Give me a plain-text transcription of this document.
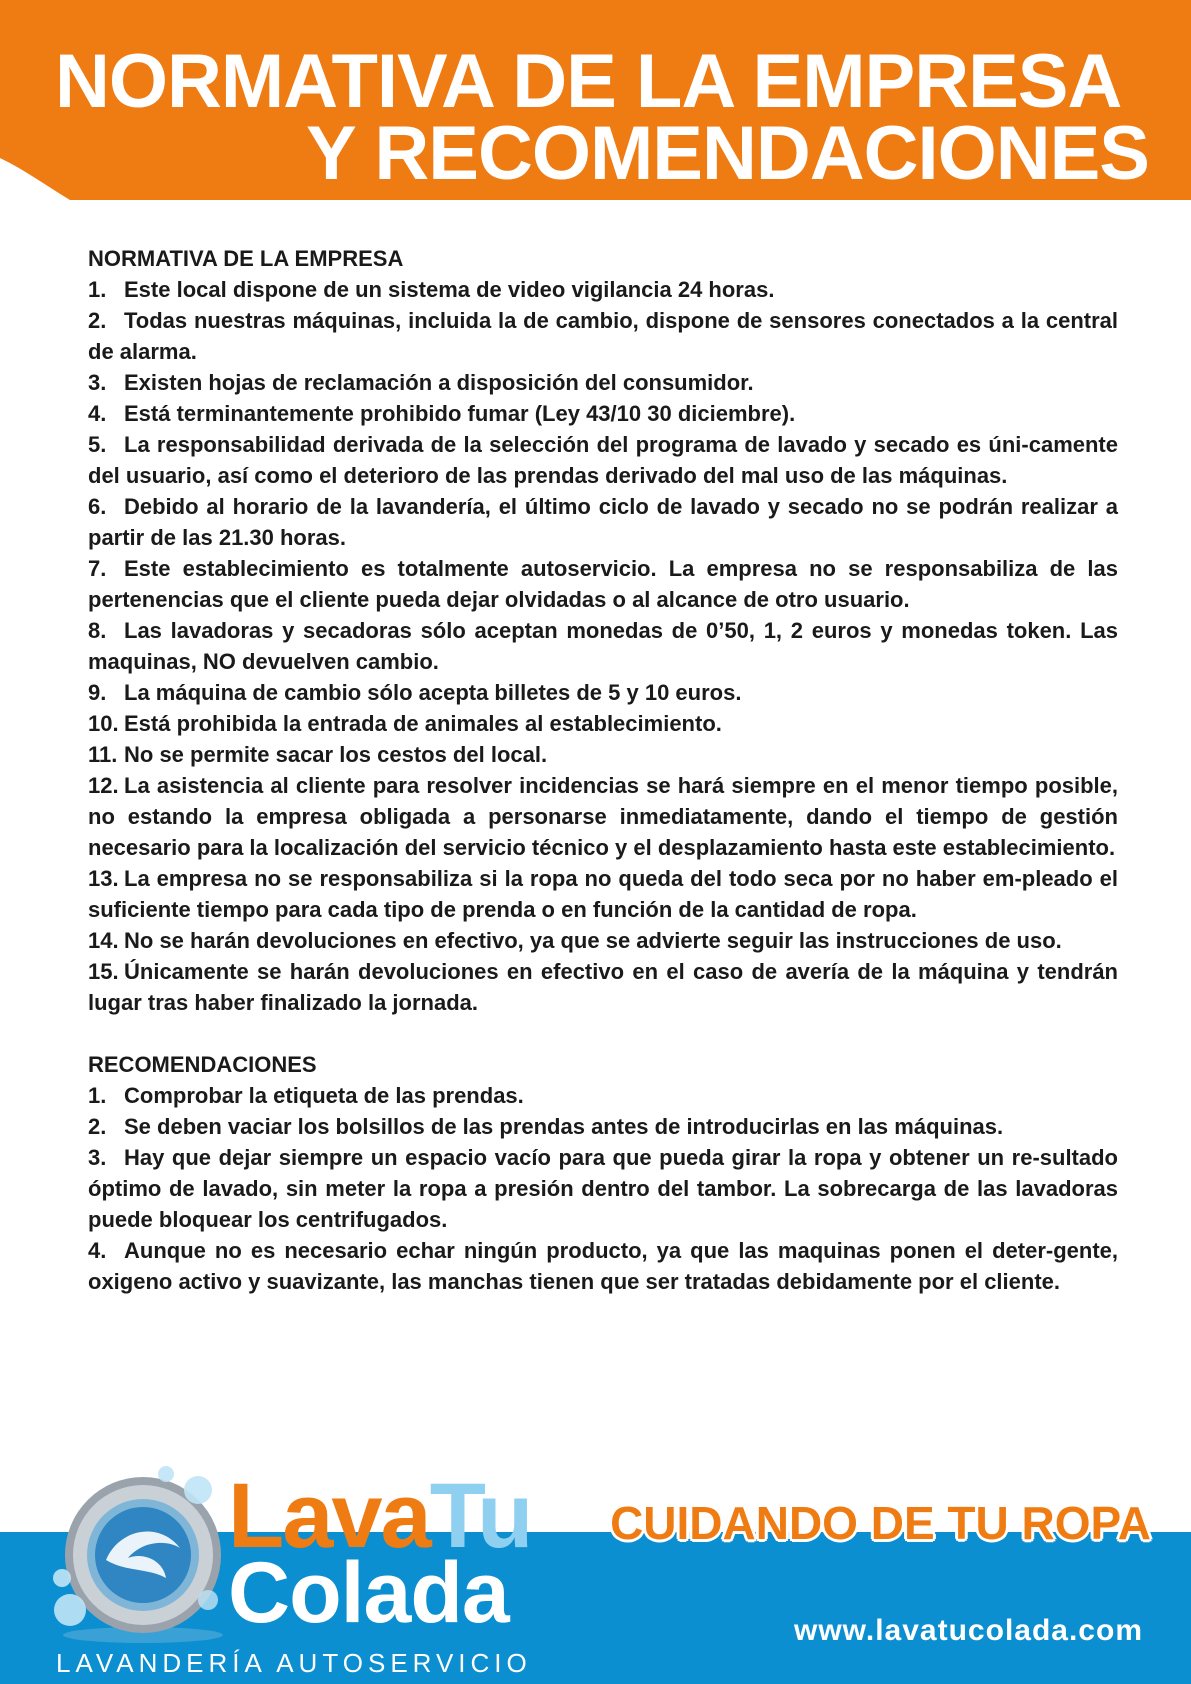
NORMATIVA DE LA EMPRESA
Y RECOMENDACIONES
NORMATIVA DE LA EMPRESA
1. Este local dispone de un sistema de video vigilancia 24 horas.
2. Todas nuestras máquinas, incluida la de cambio, dispone de sensores conectados a la central de alarma.
3. Existen hojas de reclamación a disposición del consumidor.
4. Está terminantemente prohibido fumar (Ley 43/10 30 diciembre).
5. La responsabilidad derivada de la selección del programa de lavado y secado es úni-camente del usuario, así como el deterioro de las prendas derivado del mal uso de las máquinas.
6. Debido al horario de la lavandería, el último ciclo de lavado y secado no se podrán realizar a partir de las 21.30 horas.
7. Este establecimiento es totalmente autoservicio. La empresa no se responsabiliza de las pertenencias que el cliente pueda dejar olvidadas o al alcance de otro usuario.
8. Las lavadoras y secadoras sólo aceptan monedas de 0’50, 1, 2 euros y monedas token. Las maquinas, NO devuelven cambio.
9. La máquina de cambio sólo acepta billetes de 5 y 10 euros.
10. Está prohibida la entrada de animales al establecimiento.
11. No se permite sacar los cestos del local.
12. La asistencia al cliente para resolver incidencias se hará siempre en el menor tiempo posible, no estando la empresa obligada a personarse inmediatamente, dando el tiempo de gestión necesario para la localización del servicio técnico y el desplazamiento hasta este establecimiento.
13. La empresa no se responsabiliza si la ropa no queda del todo seca por no haber em-pleado el suficiente tiempo para cada tipo de prenda o en función de la cantidad de ropa.
14. No se harán devoluciones en efectivo, ya que se advierte seguir las instrucciones de uso.
15. Únicamente se harán devoluciones en efectivo en el caso de avería de la máquina y tendrán lugar tras haber finalizado la jornada.
RECOMENDACIONES
1. Comprobar la etiqueta de las prendas.
2. Se deben vaciar los bolsillos de las prendas antes de introducirlas en las máquinas.
3. Hay que dejar siempre un espacio vacío para que pueda girar la ropa y obtener un re-sultado óptimo de lavado, sin meter la ropa a presión dentro del tambor. La sobrecarga de las lavadoras puede bloquear los centrifugados.
4. Aunque no es necesario echar ningún producto, ya que las maquinas ponen el deter-gente, oxigeno activo y suavizante, las manchas tienen que ser tratadas debidamente por el cliente.
LavaTu
Colada
LAVANDERÍA AUTOSERVICIO
CUIDANDO DE TU ROPA
www.lavatucolada.com
